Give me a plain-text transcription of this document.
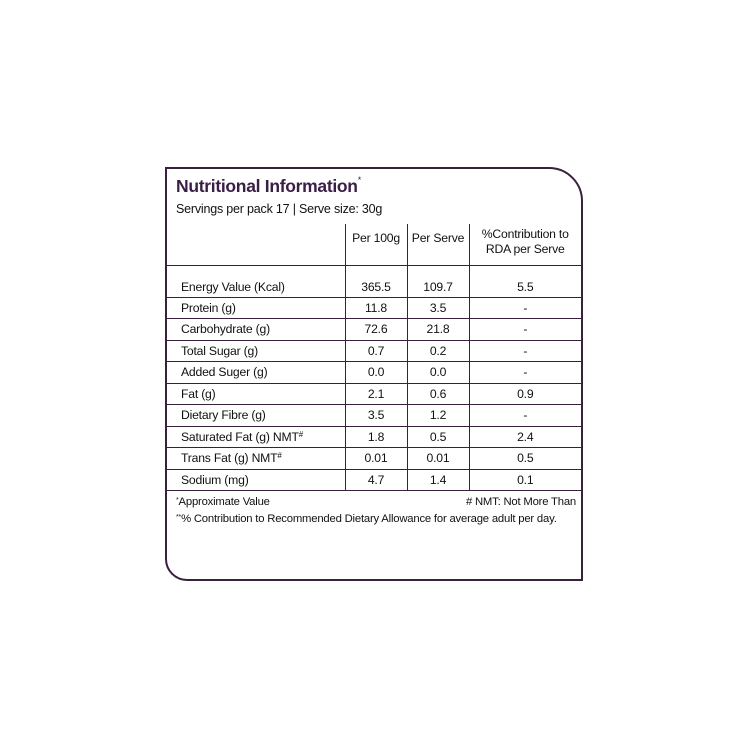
Nutritional Information*
Servings per pack 17 | Serve size: 30g
	Per 100g	Per Serve	%Contribution to RDA per Serve
Energy Value (Kcal)	365.5	109.7	5.5
Protein (g)	11.8	3.5	-
Carbohydrate (g)	72.6	21.8	-
Total Sugar (g)	0.7	0.2	-
Added Suger (g)	0.0	0.0	-
Fat (g)	2.1	0.6	0.9
Dietary Fibre (g)	3.5	1.2	-
Saturated Fat (g) NMT#	1.8	0.5	2.4
Trans Fat (g) NMT#	0.01	0.01	0.5
Sodium (mg)	4.7	1.4	0.1
*Approximate Value	# NMT: Not More Than
**% Contribution to Recommended Dietary Allowance for average adult per day.
